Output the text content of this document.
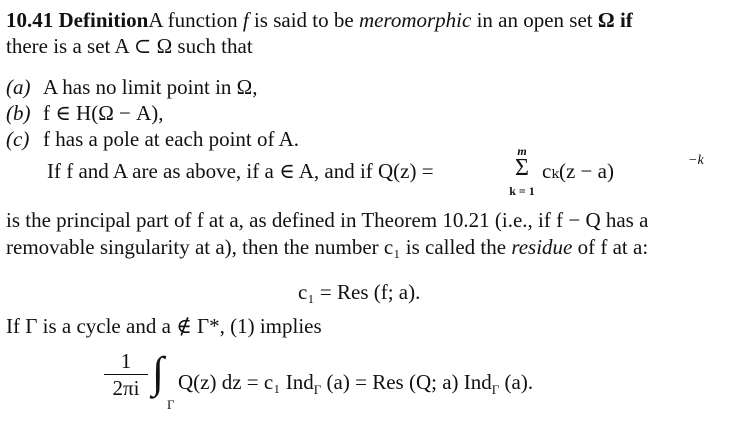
10.41 DefinitionA function f is said to be meromorphic in an open set Ω if
there is a set A ⊂ Ω such that
(a) A has no limit point in Ω,
(b) f ∈ H(Ω − A),
(c) f has a pole at each point of A.
If f and A are as above, if a ∈ A, and if Q(z) =
m
Σ
k = 1
cₖ(z − a)	−k
is the principal part of f at a, as defined in Theorem 10.21 (i.e., if f − Q has a
removable singularity at a), then the number c₁ is called the residue of f at a:
c₁ = Res (f; a).
If Γ is a cycle and a ∉ Γ*, (1) implies
1
2πi ∫
Γ
Q(z) dz = c₁ Ind$_\Gamma$ (a) = Res (Q; a) Ind$_\Gamma$ (a).
